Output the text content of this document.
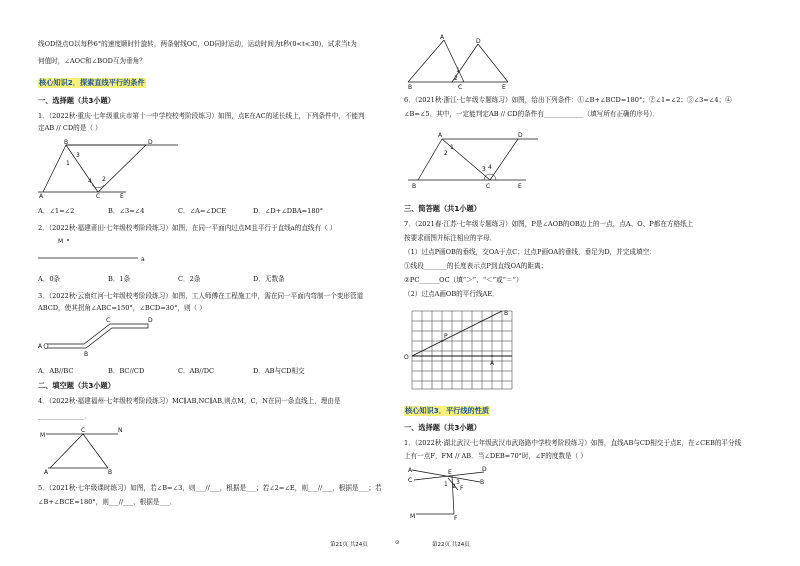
线OD绕点O以每秒6°的速度顺时针旋转，两条射线OC，OD同时运动，运动时间为t秒(0<t<30)，试求当t为
何值时，∠AOC和∠BOD互为垂角？
核心知识2．探索直线平行的条件
一、选择题（共3小题）
1．（2022秋·重庆·七年级重庆市第十一中学校校考阶段练习）如图，点E在AC的延长线上，下列条件中，不能判
定AB // CD的是（ ）
A
B	D
C	E
3
1
4 2
A．∠1=∠2	B．∠3=∠4	C．∠A=∠DCE	D．∠D+∠DBA=180°
2．（2022秋·福建莆田·七年级校考阶段练习）如图，在同一平面内过点M且平行于直线a的直线有（ ）
M
a
A．0条	B．1条	C．2条	D．无数条
3．（2022秋·云南红河·七年级校考阶段练习）如图，工人师傅在工程施工中，需在同一平面内弯制一个变形管道
ABCD，使其拐角∠ABC=150°，∠BCD=30°，则（ ）
A
B
C	D
A．AB//BC	B．BC//CD	C．AB//DC	D．AB与CD相交
二、填空题（共3小题）
4．（2022秋·福建福州·七年级校考阶段练习）MC∥AB,NC∥AB,则点M，C，N在同一条直线上，理由是
______________．
M
C	N
A	B
5．（2021秋·七年级课时练习）如图，若∠B=∠3，则___//___，根据是___；若∠2=∠E，则___//___，根据是___；若
∠B+∠BCE=180°，则___//___，根据是___．
A
D
B	C	E
1
2
6．（2021秋·浙江·七年级专题练习）如图，给出下列条件：①∠B+∠BCD=180°；②∠1=∠2；③∠3=∠4；④
∠B=∠5．其中，一定能判定AB // CD的条件有____________（填写所有正确的序号）．
A	D
B	C	E
1
2
3 4
三、简答题（共1小题）
7．（2021春·江苏·七年级专题练习）如图，P是∠AOB的OB边上的一点，点A、O、P都在方格纸上
按要求画图并标注相应的字母．
（1）过点P画OB的垂线，交OA于点C；过点P画OA的垂线，垂足为D，并完成填空：
①线段_______的长度表示点P到直线OA的距离；
②PC______OC（填“＞”、“＜”或“＝”）
（2）过点A画OB的平行线AE．
O
P
A
B
核心知识3．平行线的性质
一、选择题（共3小题）
1．（2022秋·湖北武汉·七年级武汉市武珞路中学校考阶段练习）如图，直线AB与CD相交于点E，在∠CEB的平分线
上有一点F，FM // AB．当∠DEB=70°时，∠F的度数是（ ）
A
C
E	D
B
F
M	F
1 2
3
第21页 共24页	⊙	第22页 共24页
